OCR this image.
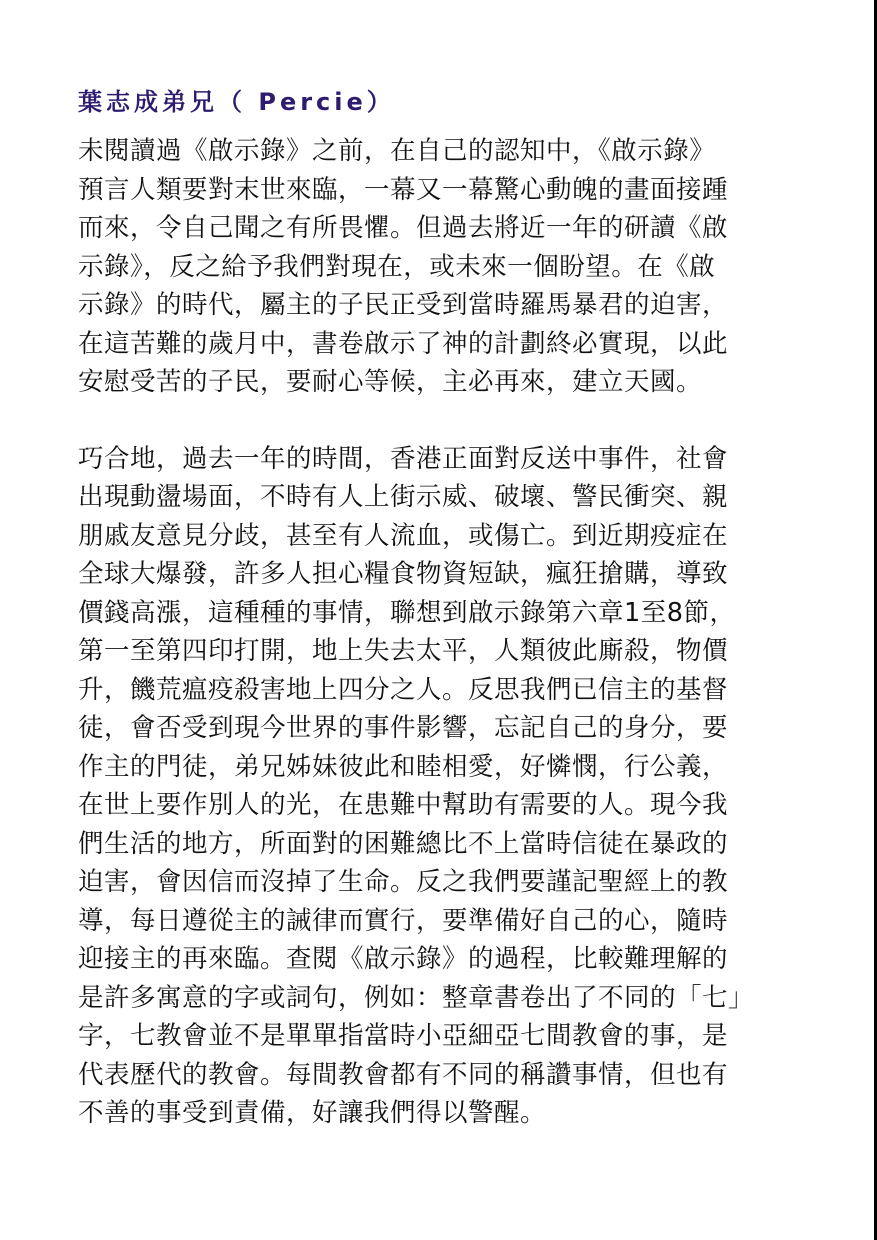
葉志成弟兄（ Percie）
未閱讀過《啟示錄》之前，在自己的認知中，《啟示錄》
預言人類要對末世來臨，一幕又一幕驚心動魄的畫面接踵
而來，令自己聞之有所畏懼。但過去將近一年的研讀《啟
示錄》，反之給予我們對現在，或未來一個盼望。在《啟
示錄》的時代，屬主的子民正受到當時羅馬暴君的迫害，
在這苦難的歲月中，書卷啟示了神的計劃終必實現，以此
安慰受苦的子民，要耐心等候，主必再來，建立天國。
巧合地，過去一年的時間，香港正面對反送中事件，社會
出現動盪場面，不時有人上街示威、破壞、警民衝突、親
朋戚友意見分歧，甚至有人流血，或傷亡。到近期疫症在
全球大爆發，許多人担心糧食物資短缺，瘋狂搶購，導致
價錢高漲，這種種的事情，聯想到啟示錄第六章1至8節，
第一至第四印打開，地上失去太平，人類彼此廝殺，物價
升，饑荒瘟疫殺害地上四分之人。反思我們已信主的基督
徒，會否受到現今世界的事件影響，忘記自己的身分，要
作主的門徒，弟兄姊妹彼此和睦相愛，好憐憫，行公義，
在世上要作別人的光，在患難中幫助有需要的人。現今我
們生活的地方，所面對的困難總比不上當時信徒在暴政的
迫害，會因信而沒掉了生命。反之我們要謹記聖經上的教
導，每日遵從主的誡律而實行，要準備好自己的心，隨時
迎接主的再來臨。查閱《啟示錄》的過程，比較難理解的
是許多寓意的字或詞句，例如：整章書卷出了不同的「七」
字，七教會並不是單單指當時小亞細亞七間教會的事，是
代表歷代的教會。每間教會都有不同的稱讚事情，但也有
不善的事受到責備，好讓我們得以警醒。
